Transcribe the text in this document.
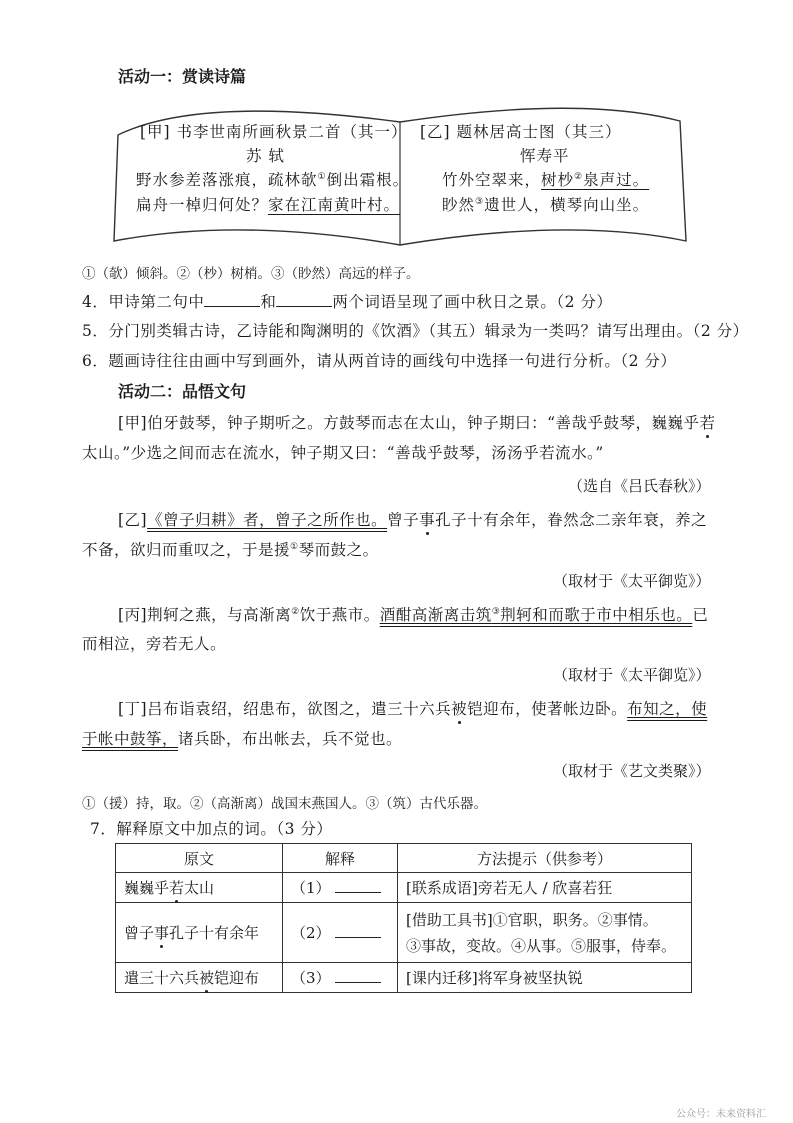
活动一：赏读诗篇
[甲] 书李世南所画秋景二首（其一）
苏 轼
野水参差落涨痕，疏林欹①倒出霜根。
扁舟一棹归何处？家在江南黄叶村。
[乙] 题林居高士图（其三）
恽寿平
竹外空翠来，树杪②泉声过。
眇然③遗世人，横琴向山坐。
①（欹）倾斜。②（杪）树梢。③（眇然）高远的样子。
4．甲诗第二句中	和	两个词语呈现了画中秋日之景。（2 分）
5．分门别类辑古诗，乙诗能和陶渊明的《饮酒》（其五）辑录为一类吗？请写出理由。（2 分）
6．题画诗往往由画中写到画外，请从两首诗的画线句中选择一句进行分析。（2 分）
活动二：品悟文句
[甲]伯牙鼓琴，钟子期听之。方鼓琴而志在太山，钟子期曰：“善哉乎鼓琴，巍巍乎若
太山。”少选之间而志在流水，钟子期又曰：“善哉乎鼓琴，汤汤乎若流水。”
（选自《吕氏春秋》）
[乙]《曾子归耕》者，曾子之所作也。曾子事孔子十有余年，眷然念二亲年衰，养之
不备，欲归而重叹之，于是援①琴而鼓之。
（取材于《太平御览》）
[丙]荆轲之燕，与高渐离②饮于燕市。酒酣高渐离击筑③荆轲和而歌于市中相乐也。已
而相泣，旁若无人。
（取材于《太平御览》）
[丁]吕布诣袁绍，绍患布，欲图之，遣三十六兵被铠迎布，使著帐边卧。布知之，使
于帐中鼓筝，诸兵卧，布出帐去，兵不觉也。
（取材于《艺文类聚》）
①（援）持，取。②（高渐离）战国末燕国人。③（筑）古代乐器。
7．解释原文中加点的词。（3 分）
原文	解释	方法提示（供参考）
巍巍乎若太山	（1）	[联系成语]旁若无人 / 欣喜若狂
曾子事孔子十有余年	（2）	[借助工具书]①官职，职务。②事情。
③事故，变故。④从事。⑤服事，侍奉。
遣三十六兵被铠迎布	（3）	[课内迁移]将军身被坚执锐
公众号：未来资料汇
